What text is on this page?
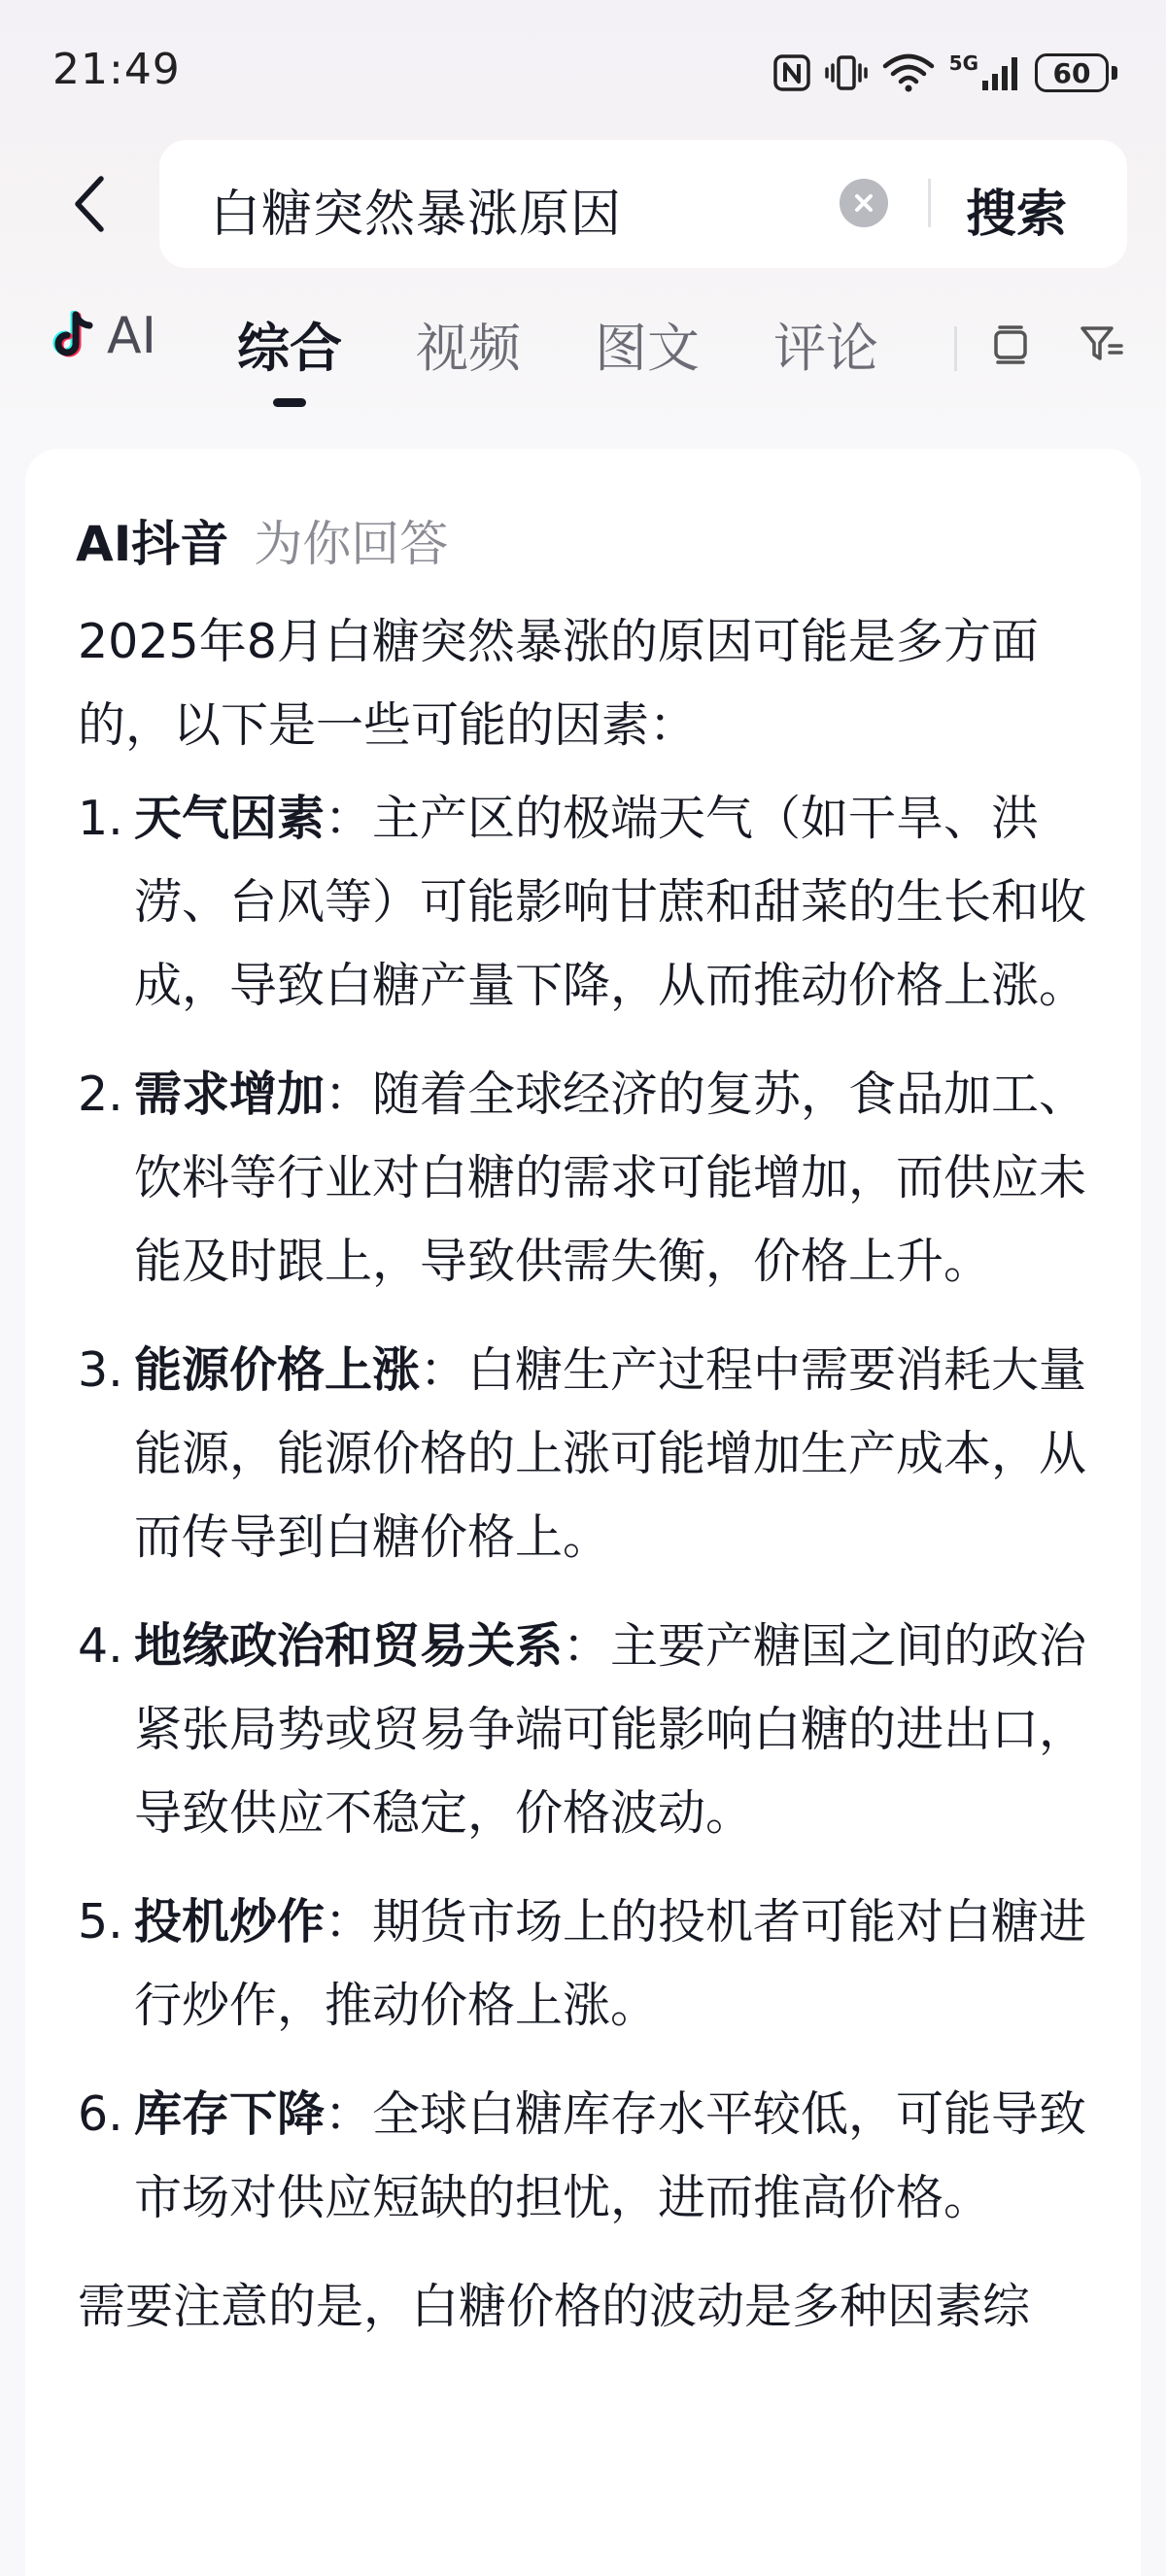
21:49	5G	60
白糖突然暴涨原因	搜索
AI 综合 视频 图文 评论
AI抖音 为你回答
2025年8月白糖突然暴涨的原因可能是多方面的，以下是一些可能的因素：
1. 天气因素：主产区的极端天气（如干旱、洪涝、台风等）可能影响甘蔗和甜菜的生长和收成，导致白糖产量下降，从而推动价格上涨。
2. 需求增加：随着全球经济的复苏，食品加工、饮料等行业对白糖的需求可能增加，而供应未能及时跟上，导致供需失衡，价格上升。
3. 能源价格上涨：白糖生产过程中需要消耗大量能源，能源价格的上涨可能增加生产成本，从而传导到白糖价格上。
4. 地缘政治和贸易关系：主要产糖国之间的政治紧张局势或贸易争端可能影响白糖的进出口，导致供应不稳定，价格波动。
5. 投机炒作：期货市场上的投机者可能对白糖进行炒作，推动价格上涨。
6. 库存下降：全球白糖库存水平较低，可能导致市场对供应短缺的担忧，进而推高价格。
需要注意的是，白糖价格的波动是多种因素综
